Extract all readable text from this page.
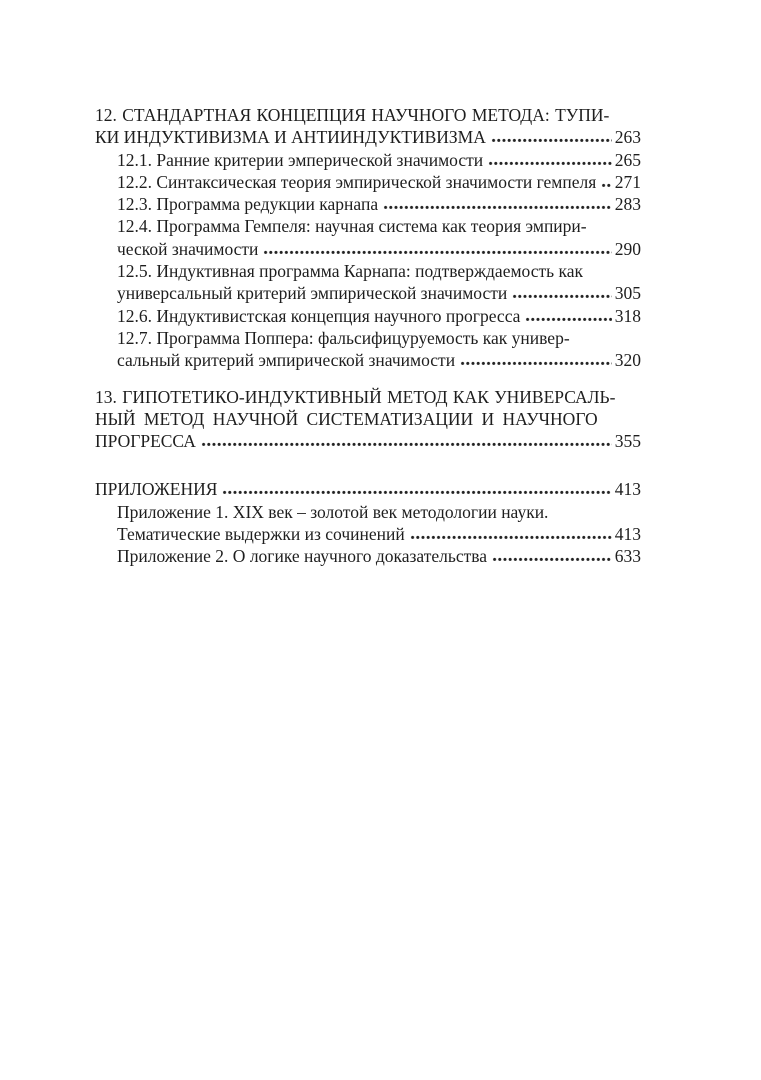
12. СТАНДАРТНАЯ КОНЦЕПЦИЯ НАУЧНОГО МЕТОДА: ТУПИ-
КИ ИНДУКТИВИЗМА И АНТИИНДУКТИВИЗМА	263
12.1. Ранние критерии эмперической значимости	265
12.2. Синтаксическая теория эмпирической значимости гемпеля 271
12.3. Программа редукции карнапа	283
12.4. Программа Гемпеля: научная система как теория эмпири-
ческой значимости	290
12.5. Индуктивная программа Карнапа: подтверждаемость как
универсальный критерий эмпирической значимости	305
12.6. Индуктивистская концепция научного прогресса	318
12.7. Программа Поппера: фальсифицуруемость как универ-
сальный критерий эмпирической значимости	320
13. ГИПОТЕТИКО-ИНДУКТИВНЫЙ МЕТОД КАК УНИВЕРСАЛЬ-
НЫЙ МЕТОД НАУЧНОЙ СИСТЕМАТИЗАЦИИ И НАУЧНОГО
ПРОГРЕССА	355
ПРИЛОЖЕНИЯ	413
Приложение 1. XIX век – золотой век методологии науки.
Тематические выдержки из сочинений	413
Приложение 2. О логике научного доказательства	633
